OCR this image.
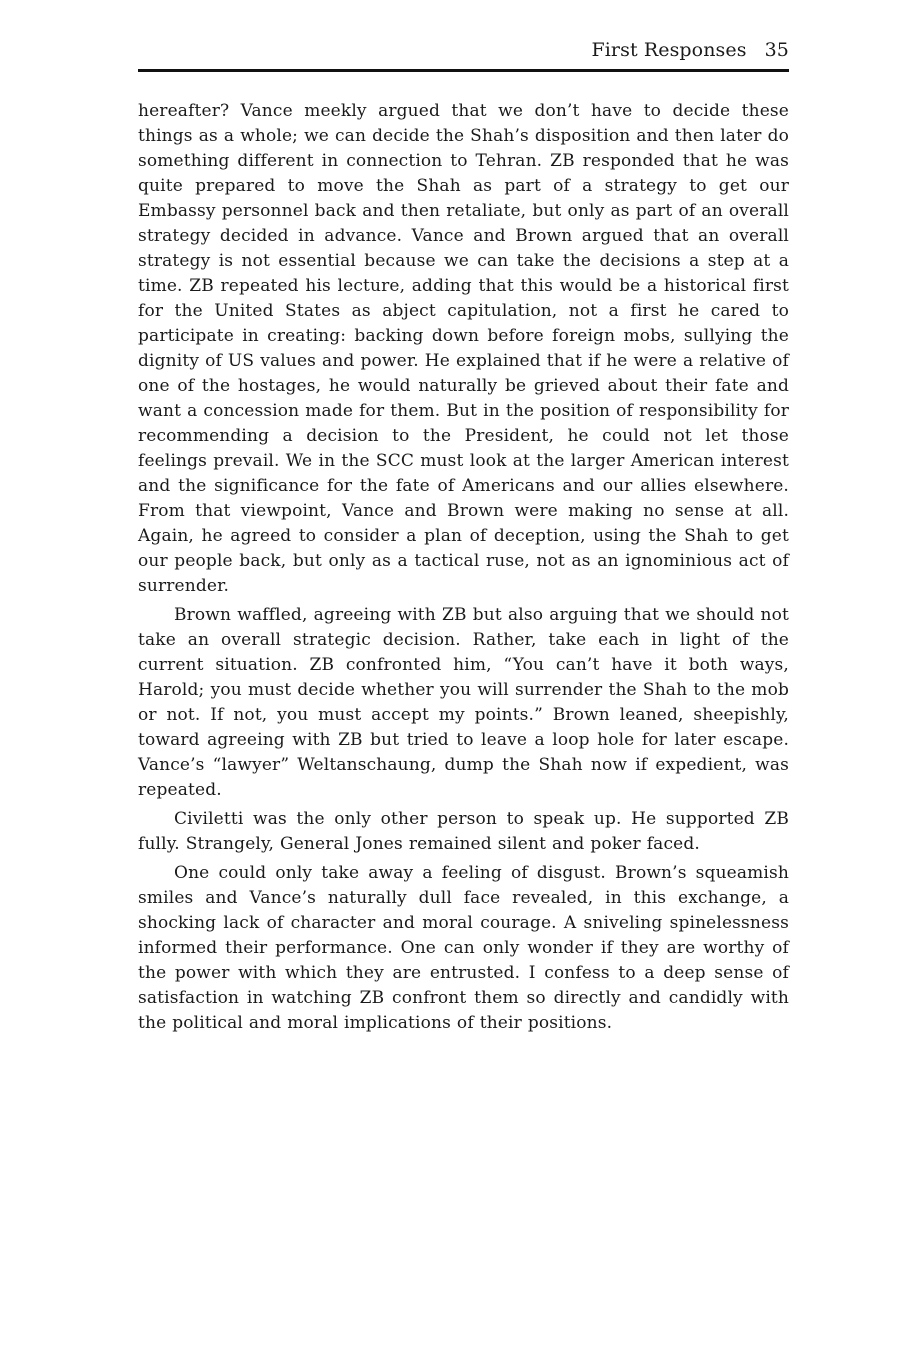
First Responses 35

hereafter? Vance meekly argued that we don’t have to decide these things as a whole; we can decide the Shah’s disposition and then later do something different in connection to Tehran. ZB responded that he was quite prepared to move the Shah as part of a strategy to get our Embassy personnel back and then retaliate, but only as part of an overall strategy decided in advance. Vance and Brown argued that an overall strategy is not essential because we can take the decisions a step at a time. ZB repeated his lecture, adding that this would be a historical first for the United States as abject capitulation, not a first he cared to participate in creating: backing down before foreign mobs, sullying the dignity of US values and power. He explained that if he were a relative of one of the hostages, he would naturally be grieved about their fate and want a concession made for them. But in the position of responsibility for recommending a decision to the President, he could not let those feelings prevail. We in the SCC must look at the larger American interest and the significance for the fate of Americans and our allies elsewhere. From that viewpoint, Vance and Brown were making no sense at all. Again, he agreed to consider a plan of deception, using the Shah to get our people back, but only as a tactical ruse, not as an ignominious act of surrender.

Brown waffled, agreeing with ZB but also arguing that we should not take an overall strategic decision. Rather, take each in light of the current situation. ZB confronted him, “You can’t have it both ways, Harold; you must decide whether you will surrender the Shah to the mob or not. If not, you must accept my points.” Brown leaned, sheepishly, toward agreeing with ZB but tried to leave a loop hole for later escape. Vance’s “lawyer” Weltanschaung, dump the Shah now if expedient, was repeated.

Civiletti was the only other person to speak up. He supported ZB fully. Strangely, General Jones remained silent and poker faced.

One could only take away a feeling of disgust. Brown’s squeamish smiles and Vance’s naturally dull face revealed, in this exchange, a shocking lack of character and moral courage. A sniveling spinelessness informed their performance. One can only wonder if they are worthy of the power with which they are entrusted. I confess to a deep sense of satisfaction in watching ZB confront them so directly and candidly with the political and moral implications of their positions.
